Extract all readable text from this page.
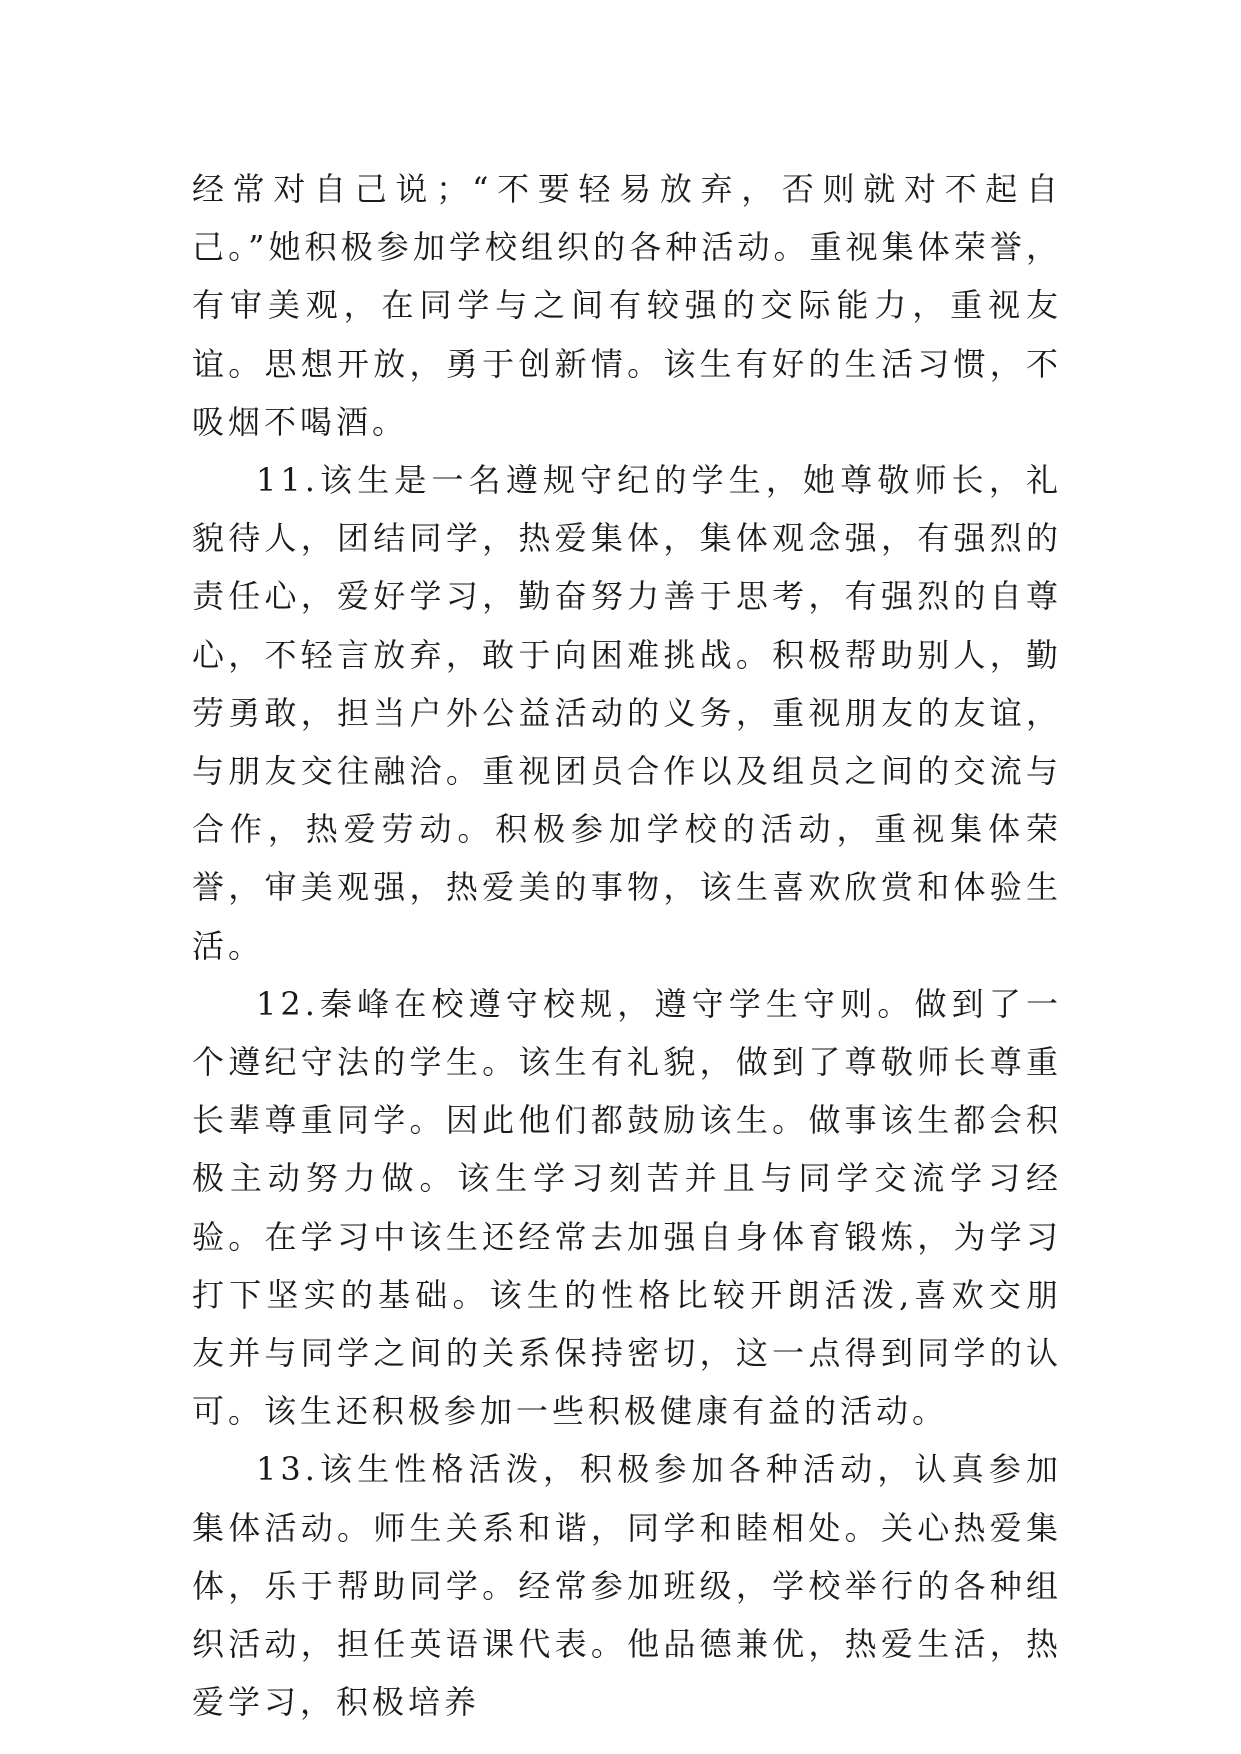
经常对自己说；“不要轻易放弃，否则就对不起自己。”她积极参加学校组织的各种活动。重视集体荣誉，有审美观，在同学与之间有较强的交际能力，重视友谊。思想开放，勇于创新情。该生有好的生活习惯，不吸烟不喝酒。

11.该生是一名遵规守纪的学生，她尊敬师长，礼貌待人，团结同学，热爱集体，集体观念强，有强烈的责任心，爱好学习，勤奋努力善于思考，有强烈的自尊心，不轻言放弃，敢于向困难挑战。积极帮助别人，勤劳勇敢，担当户外公益活动的义务，重视朋友的友谊，与朋友交往融洽。重视团员合作以及组员之间的交流与合作，热爱劳动。积极参加学校的活动，重视集体荣誉，审美观强，热爱美的事物，该生喜欢欣赏和体验生活。

12.秦峰在校遵守校规，遵守学生守则。做到了一个遵纪守法的学生。该生有礼貌，做到了尊敬师长尊重长辈尊重同学。因此他们都鼓励该生。做事该生都会积极主动努力做。该生学习刻苦并且与同学交流学习经验。在学习中该生还经常去加强自身体育锻炼，为学习打下坚实的基础。该生的性格比较开朗活泼,喜欢交朋友并与同学之间的关系保持密切，这一点得到同学的认可。该生还积极参加一些积极健康有益的活动。

13.该生性格活泼，积极参加各种活动，认真参加集体活动。师生关系和谐，同学和睦相处。关心热爱集体，乐于帮助同学。经常参加班级，学校举行的各种组织活动，担任英语课代表。他品德兼优，热爱生活，热爱学习，积极培养
